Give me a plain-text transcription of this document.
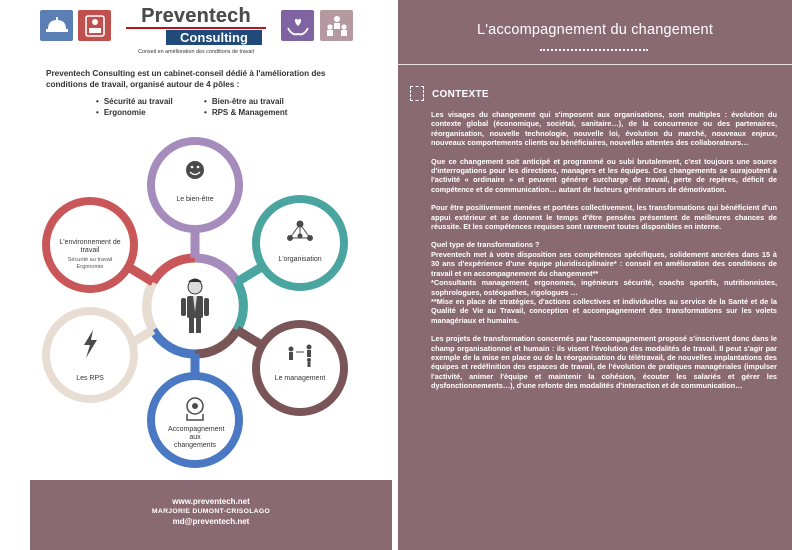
Preventech
Consulting
Conseil en amélioration des conditions de travail
Preventech Consulting est un cabinet-conseil dédié à l'amélioration des conditions de travail, organisé autour de 4 pôles :
• Sécurité au travail
• Ergonomie
• Bien-être au travail
• RPS & Management
Le bien-être
L'organisation
Le management
Accompagnement aux changements
Les RPS
L'environnement de travail
Sécurité au travail Ergonomie
www.preventech.net
MARJORIE DUMONT-CRISOLAGO
md@preventech.net
L'accompagnement du changement
CONTEXTE

Les visages du changement qui s'imposent aux organisations, sont multiples : évolution du contexte global (économique, sociétal, sanitaire…), de la concurrence ou des partenaires, réorganisation, nouvelle technologie, nouvelle loi, évolution du marché, nouveaux enjeux, nouveaux comportements clients ou bénéficiaires, nouvelles attentes des collaborateurs…

Que ce changement soit anticipé et programmé ou subi brutalement, c'est toujours une source d'interrogations pour les directions, managers et les équipes. Ces changements se surajoutent à l'activité « ordinaire » et peuvent générer surcharge de travail, perte de repères, déficit de compétence et de communication… autant de facteurs générateurs de démotivation.

Pour être positivement menées et portées collectivement, les transformations qui bénéficient d'un appui extérieur et se donnent le temps d'être pensées présentent de meilleures chances de réussite. Et les compétences requises sont rarement toutes disponibles en interne.

Quel type de transformations ?

Preventech met à votre disposition ses compétences spécifiques, solidement ancrées dans 15 à 30 ans d'expérience d'une équipe pluridisciplinaire* : conseil en amélioration des conditions de travail et en accompagnement du changement**

*Consultants management, ergonomes, ingénieurs sécurité, coachs sportifs, nutritionnistes, sophrologues, ostéopathes, rigologues …

**Mise en place de stratégies, d'actions collectives et individuelles au service de la Santé et de la Qualité de Vie au Travail, conception et accompagnement des transformations sur les volets managériaux et humains.

Les projets de transformation concernés par l'accompagnement proposé s'inscrivent donc dans le champ organisationnel et humain : ils visent l'évolution des modalités de travail. Il peut s'agir par exemple de la mise en place ou de la réorganisation du télétravail, de nouvelles implantations des équipes et redéfinition des espaces de travail, de l'évolution de pratiques managériales (impulser l'activité, animer l'équipe et maintenir la cohésion, écouter les salariés et gérer les dysfonctionnements…), d'une refonte des modalités d'interaction et de communication…
